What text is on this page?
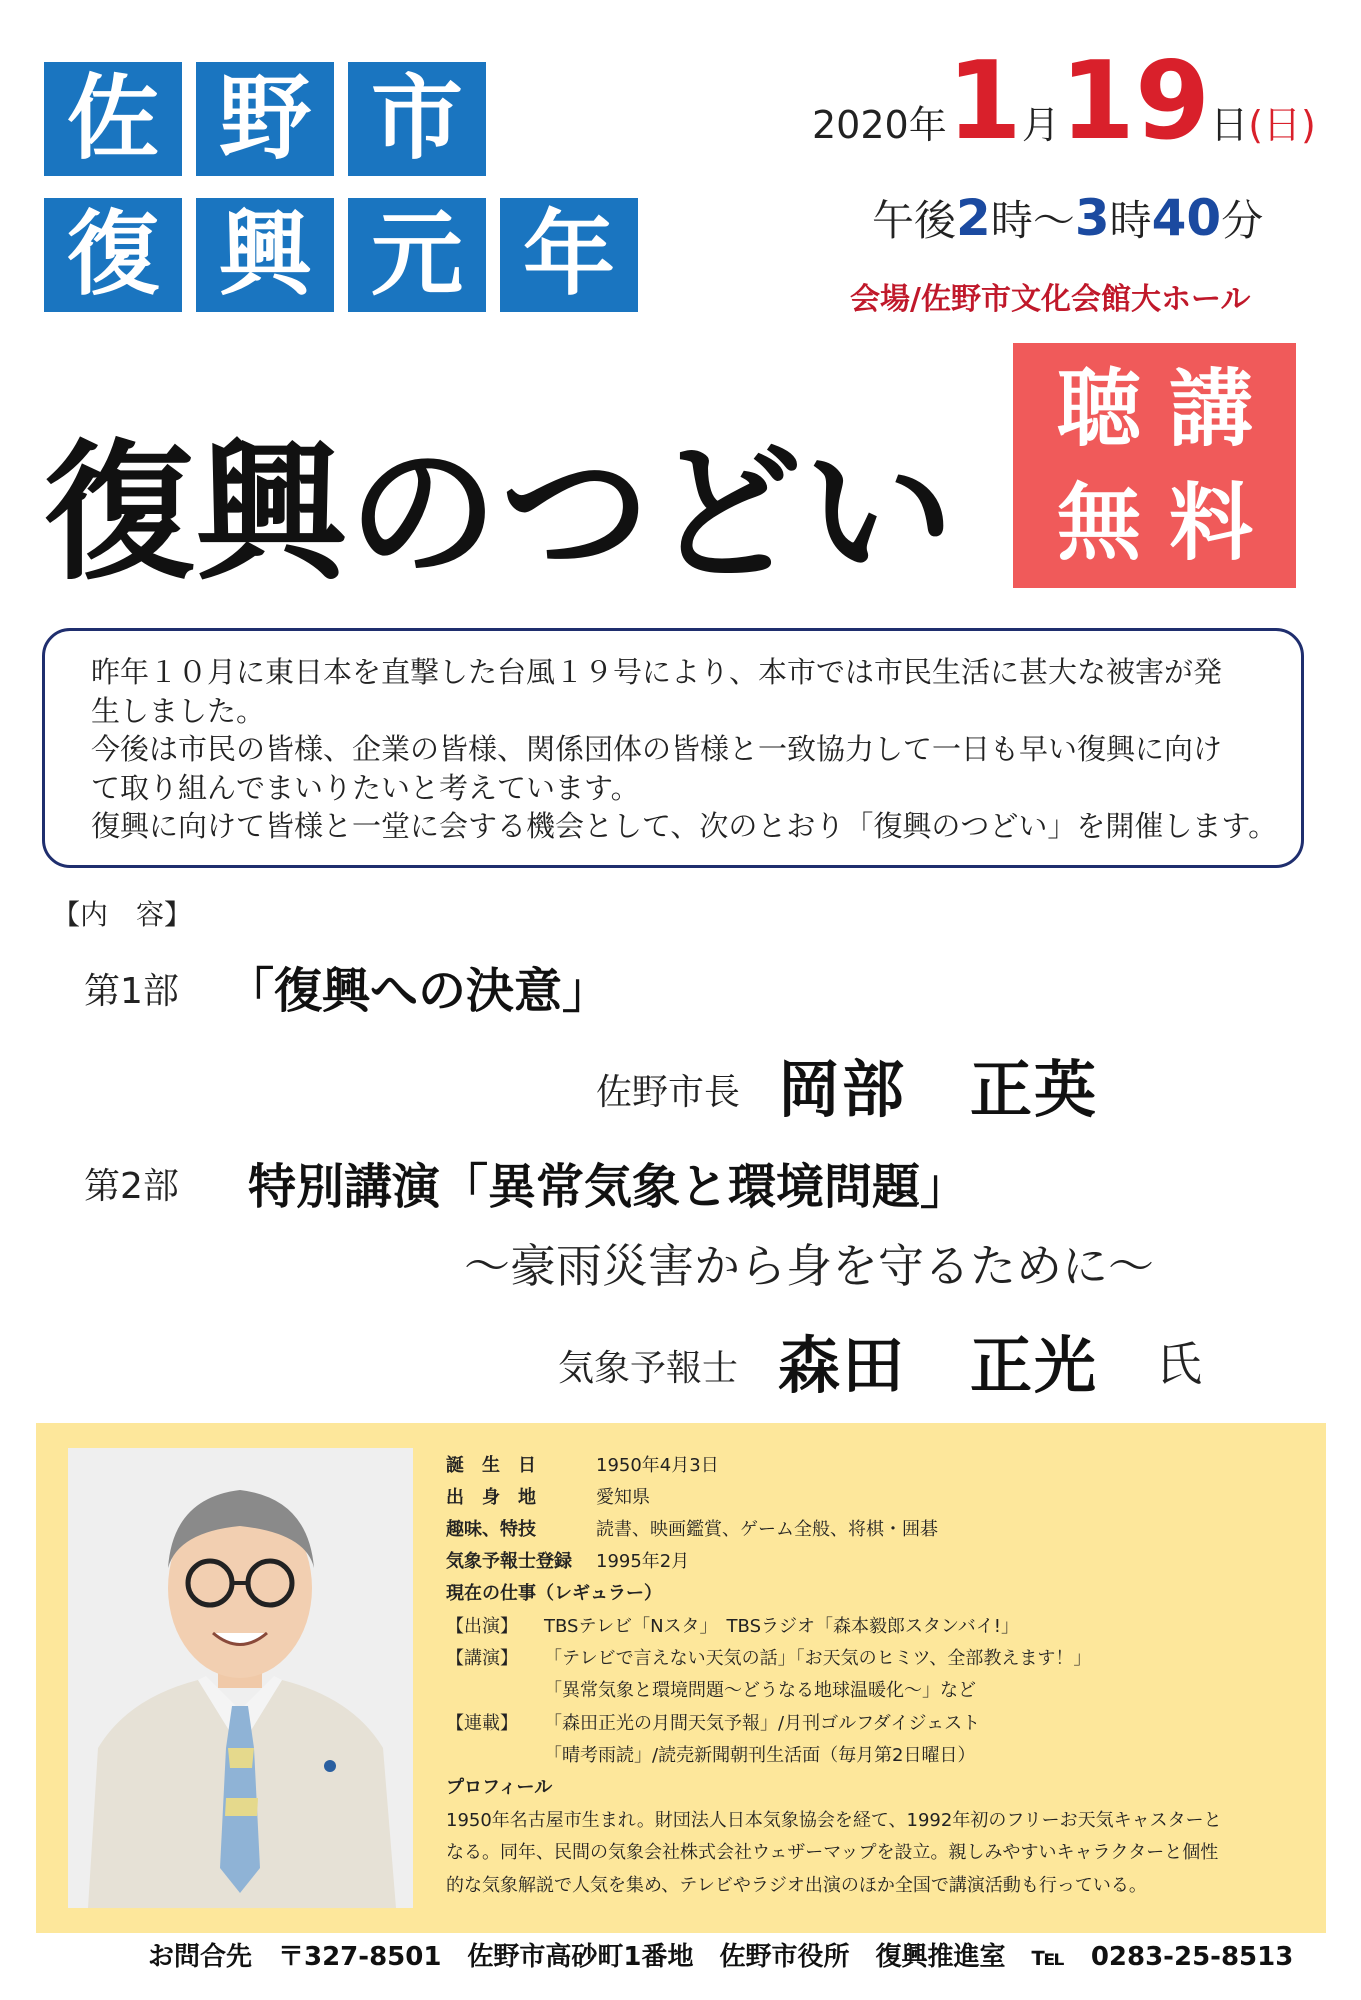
佐 野 市
復 興 元 年
2020年1月19日(日)
午後2時～3時40分
会場/佐野市文化会館大ホール
聴 講
無 料
復興のつどい
昨年１０月に東日本を直撃した台風１９号により、本市では市民生活に甚大な被害が発
生しました。
今後は市民の皆様、企業の皆様、関係団体の皆様と一致協力して一日も早い復興に向け
て取り組んでまいりたいと考えています。
復興に向けて皆様と一堂に会する機会として、次のとおり「復興のつどい」を開催します。
【内　容】
第1部 「復興への決意」
佐野市長 岡部　正英
第2部 特別講演「異常気象と環境問題」
～豪雨災害から身を守るために～
気象予報士 森田　正光 氏
誕　生　日	1950年4月3日
出　身　地	愛知県
趣味、特技	読書、映画鑑賞、ゲーム全般、将棋・囲碁
気象予報士登録 1995年2月
現在の仕事（レギュラー）
【出演】 TBSテレビ「Nスタ」　TBSラジオ「森本毅郎スタンバイ!」
【講演】 「テレビで言えない天気の話」「お天気のヒミツ、全部教えます！」
「異常気象と環境問題～どうなる地球温暖化～」など
【連載】 「森田正光の月間天気予報」/月刊ゴルフダイジェスト
「晴考雨読」/読売新聞朝刊生活面（毎月第2日曜日）
プロフィール
1950年名古屋市生まれ。財団法人日本気象協会を経て、1992年初のフリーお天気キャスターと
なる。同年、民間の気象会社株式会社ウェザーマップを設立。親しみやすいキャラクターと個性
的な気象解説で人気を集め、テレビやラジオ出演のほか全国で講演活動も行っている。
お問合先　〒327-8501　佐野市高砂町1番地　佐野市役所　復興推進室　℡　0283-25-8513
